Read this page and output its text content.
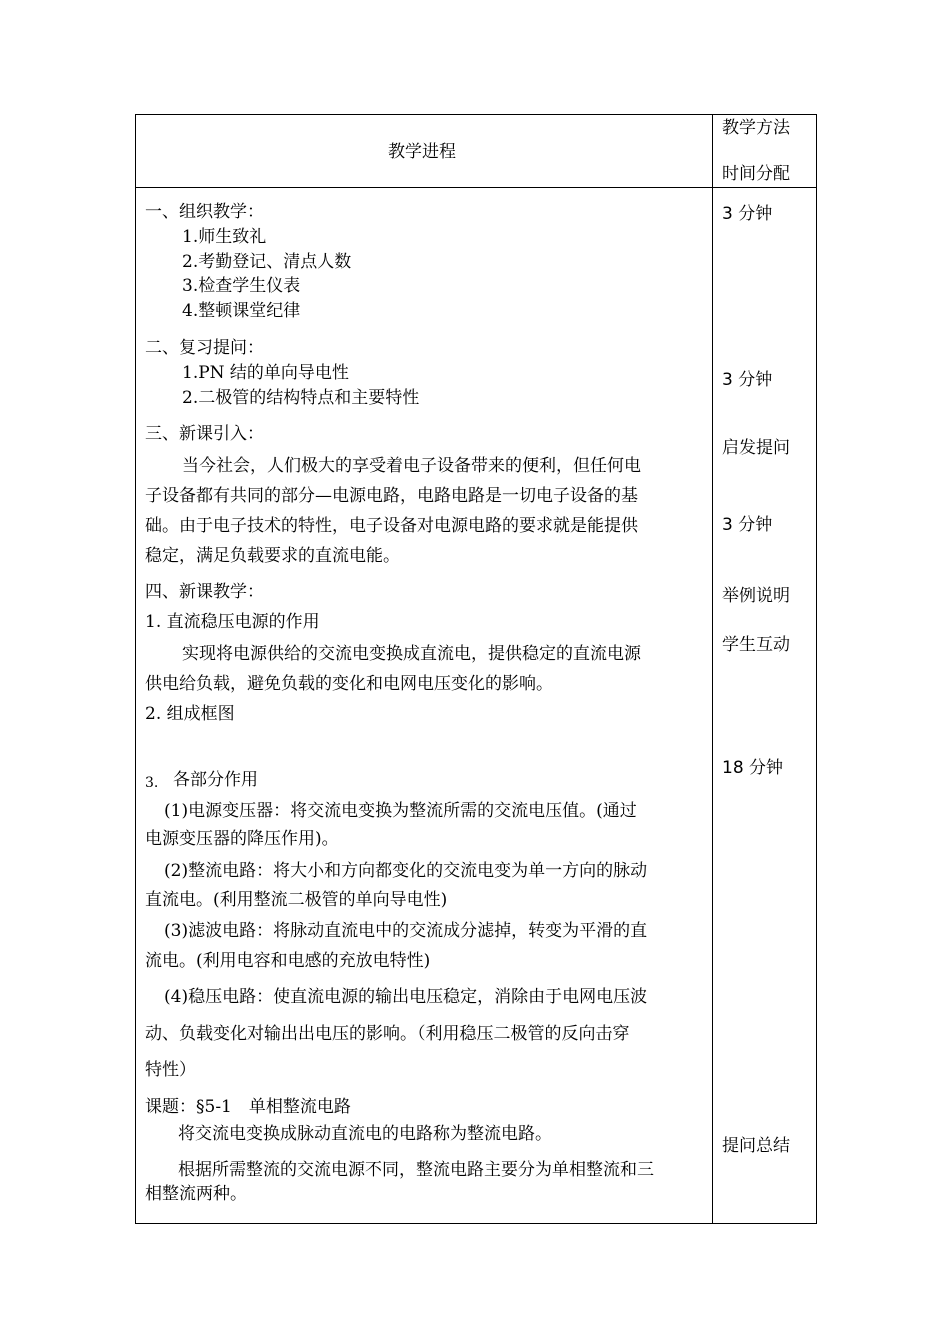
教学进程
教学方法
时间分配
一、组织教学：
1.师生致礼
2.考勤登记、清点人数
3.检查学生仪表
4.整顿课堂纪律
二、复习提问：
1.PN 结的单向导电性
2.二极管的结构特点和主要特性
三、新课引入：
当今社会，人们极大的享受着电子设备带来的便利，但任何电
子设备都有共同的部分—电源电路，电路电路是一切电子设备的基
础。由于电子技术的特性，电子设备对电源电路的要求就是能提供
稳定，满足负载要求的直流电能。
四、新课教学：
1. 直流稳压电源的作用
实现将电源供给的交流电变换成直流电，提供稳定的直流电源
供电给负载，避免负载的变化和电网电压变化的影响。
2. 组成框图
3. 各部分作用
(1)电源变压器：将交流电变换为整流所需的交流电压值。(通过
电源变压器的降压作用)。
(2)整流电路：将大小和方向都变化的交流电变为单一方向的脉动
直流电。(利用整流二极管的单向导电性)
(3)滤波电路：将脉动直流电中的交流成分滤掉，转变为平滑的直
流电。(利用电容和电感的充放电特性)
(4)稳压电路：使直流电源的输出电压稳定，消除由于电网电压波
动、负载变化对输出出电压的影响。（利用稳压二极管的反向击穿
特性）
课题：§5-1　单相整流电路
将交流电变换成脉动直流电的电路称为整流电路。
根据所需整流的交流电源不同，整流电路主要分为单相整流和三
相整流两种。
3 分钟
3 分钟
启发提问
3 分钟
举例说明
学生互动
18 分钟
提问总结
